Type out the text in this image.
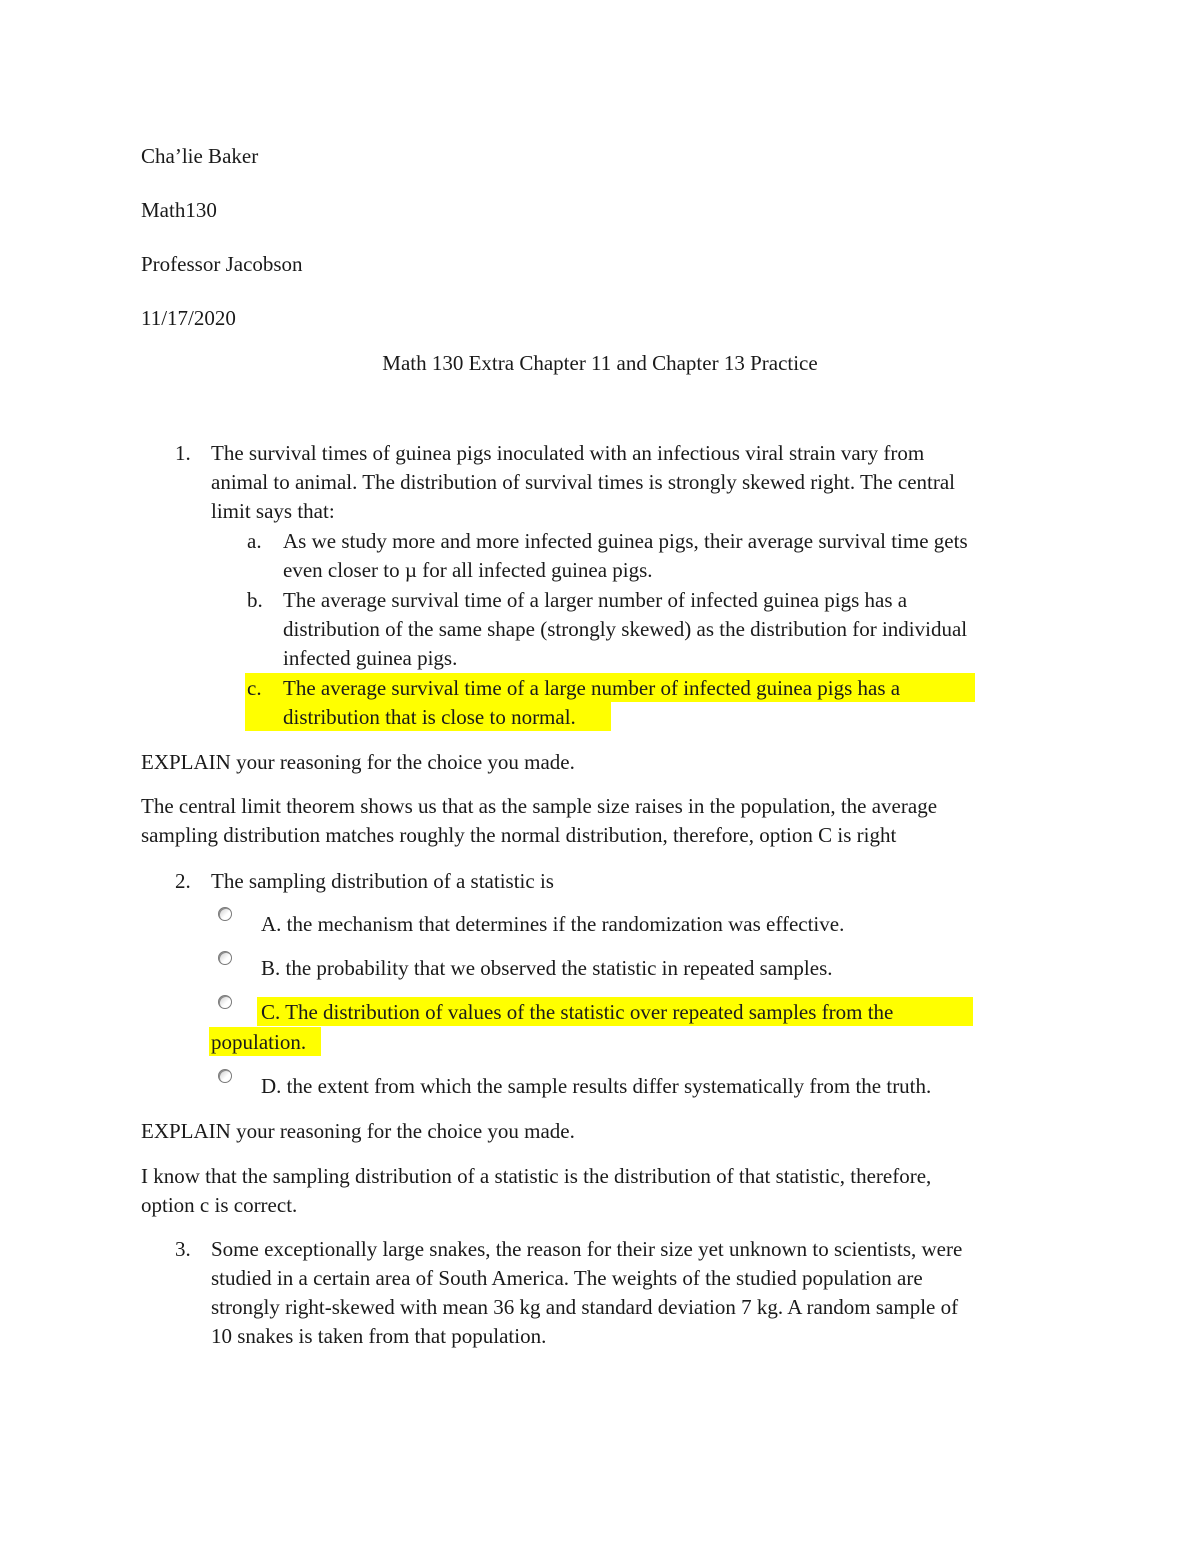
Cha’lie Baker
Math130
Professor Jacobson
11/17/2020
Math 130 Extra Chapter 11 and Chapter 13 Practice
1. The survival times of guinea pigs inoculated with an infectious viral strain vary from
animal to animal. The distribution of survival times is strongly skewed right. The central
limit says that:
a. As we study more and more infected guinea pigs, their average survival time gets
even closer to µ for all infected guinea pigs.
b. The average survival time of a larger number of infected guinea pigs has a
distribution of the same shape (strongly skewed) as the distribution for individual
infected guinea pigs.
c. The average survival time of a large number of infected guinea pigs has a
distribution that is close to normal.
EXPLAIN your reasoning for the choice you made.
The central limit theorem shows us that as the sample size raises in the population, the average
sampling distribution matches roughly the normal distribution, therefore, option C is right
2. The sampling distribution of a statistic is
A. the mechanism that determines if the randomization was effective.
B. the probability that we observed the statistic in repeated samples.
C. The distribution of values of the statistic over repeated samples from the
population.
D. the extent from which the sample results differ systematically from the truth.
EXPLAIN your reasoning for the choice you made.
I know that the sampling distribution of a statistic is the distribution of that statistic, therefore,
option c is correct.
3. Some exceptionally large snakes, the reason for their size yet unknown to scientists, were
studied in a certain area of South America. The weights of the studied population are
strongly right-skewed with mean 36 kg and standard deviation 7 kg. A random sample of
10 snakes is taken from that population.
